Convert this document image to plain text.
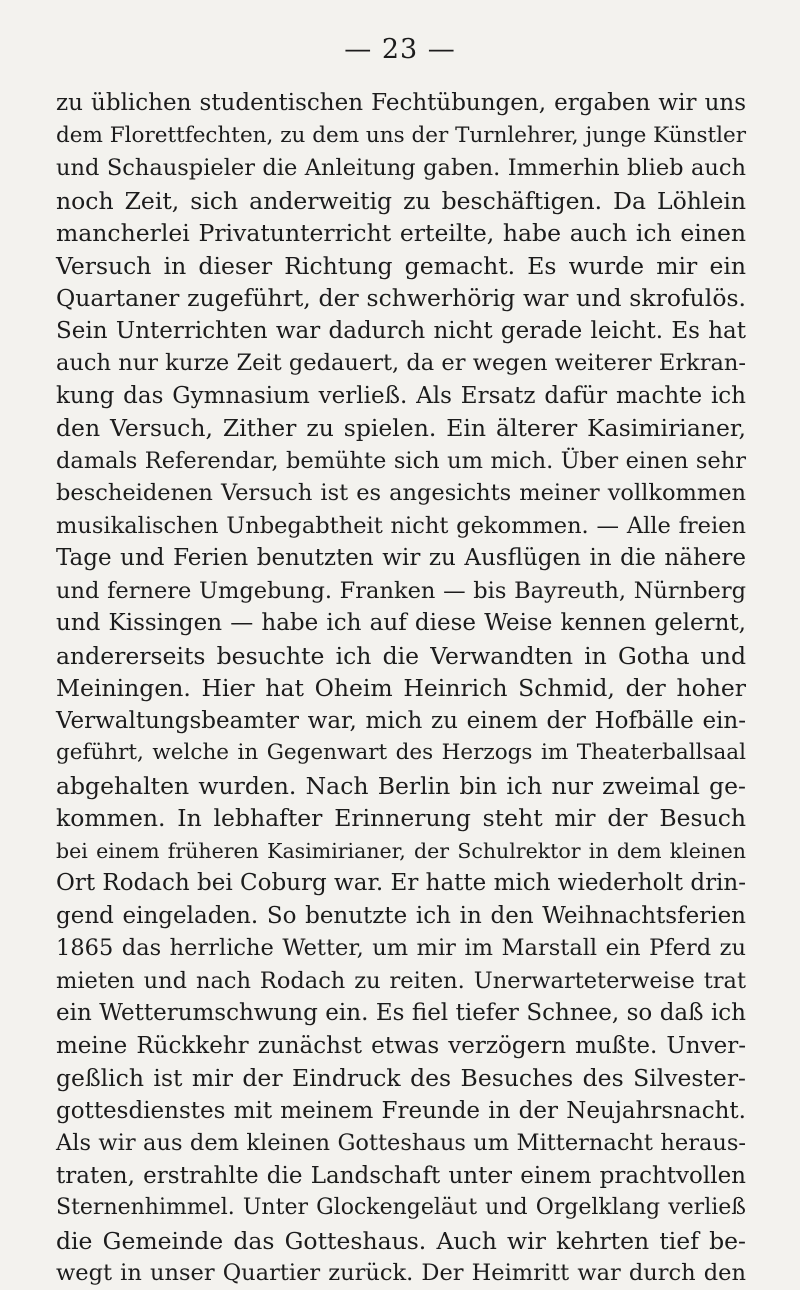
— 23 —
zu üblichen studentischen Fechtübungen, ergaben wir uns
dem Florettfechten, zu dem uns der Turnlehrer, junge Künstler
und Schauspieler die Anleitung gaben. Immerhin blieb auch
noch Zeit, sich anderweitig zu beschäftigen. Da Löhlein
mancherlei Privatunterricht erteilte, habe auch ich einen
Versuch in dieser Richtung gemacht. Es wurde mir ein
Quartaner zugeführt, der schwerhörig war und skrofulös.
Sein Unterrichten war dadurch nicht gerade leicht. Es hat
auch nur kurze Zeit gedauert, da er wegen weiterer Erkran-
kung das Gymnasium verließ. Als Ersatz dafür machte ich
den Versuch, Zither zu spielen. Ein älterer Kasimirianer,
damals Referendar, bemühte sich um mich. Über einen sehr
bescheidenen Versuch ist es angesichts meiner vollkommen
musikalischen Unbegabtheit nicht gekommen. — Alle freien
Tage und Ferien benutzten wir zu Ausflügen in die nähere
und fernere Umgebung. Franken — bis Bayreuth, Nürnberg
und Kissingen — habe ich auf diese Weise kennen gelernt,
andererseits besuchte ich die Verwandten in Gotha und
Meiningen. Hier hat Oheim Heinrich Schmid, der hoher
Verwaltungsbeamter war, mich zu einem der Hofbälle ein-
geführt, welche in Gegenwart des Herzogs im Theaterballsaal
abgehalten wurden. Nach Berlin bin ich nur zweimal ge-
kommen. In lebhafter Erinnerung steht mir der Besuch
bei einem früheren Kasimirianer, der Schulrektor in dem kleinen
Ort Rodach bei Coburg war. Er hatte mich wiederholt drin-
gend eingeladen. So benutzte ich in den Weihnachtsferien
1865 das herrliche Wetter, um mir im Marstall ein Pferd zu
mieten und nach Rodach zu reiten. Unerwarteterweise trat
ein Wetterumschwung ein. Es fiel tiefer Schnee, so daß ich
meine Rückkehr zunächst etwas verzögern mußte. Unver-
geßlich ist mir der Eindruck des Besuches des Silvester-
gottesdienstes mit meinem Freunde in der Neujahrsnacht.
Als wir aus dem kleinen Gotteshaus um Mitternacht heraus-
traten, erstrahlte die Landschaft unter einem prachtvollen
Sternenhimmel. Unter Glockengeläut und Orgelklang verließ
die Gemeinde das Gotteshaus. Auch wir kehrten tief be-
wegt in unser Quartier zurück. Der Heimritt war durch den
